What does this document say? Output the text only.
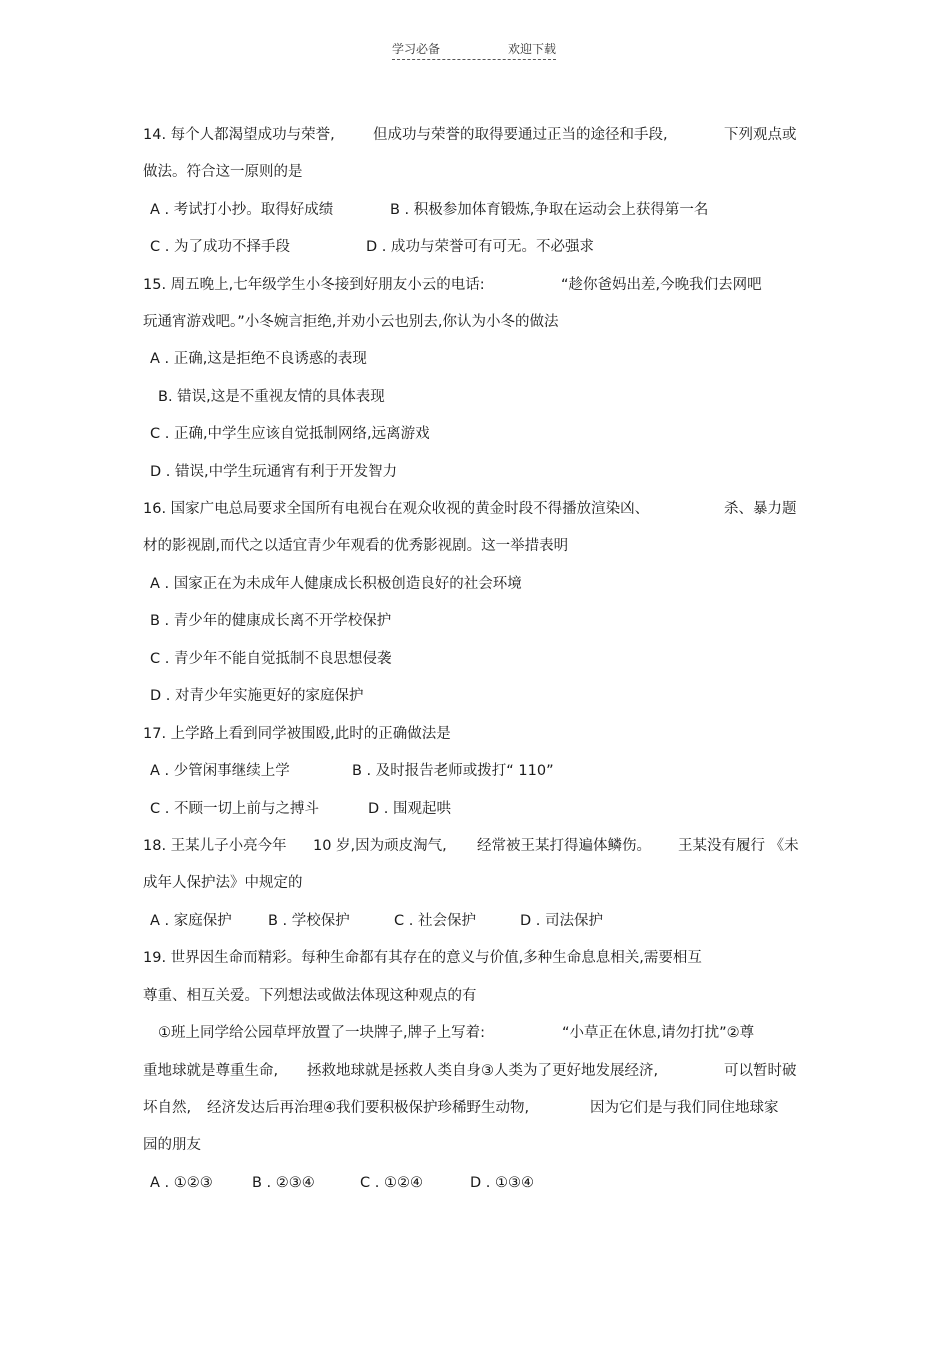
学习必备	欢迎下载
14. 每个人都渴望成功与荣誉,	但成功与荣誉的取得要通过正当的途径和手段,	下列观点或
做法。符合这一原则的是
A . 考试打小抄。取得好成绩	B . 积极参加体育锻炼,争取在运动会上获得第一名
C . 为了成功不择手段	D . 成功与荣誉可有可无。不必强求
15. 周五晚上,七年级学生小冬接到好朋友小云的电话:	“趁你爸妈出差,今晚我们去网吧
玩通宵游戏吧。”小冬婉言拒绝,并劝小云也别去,你认为小冬的做法
A . 正确,这是拒绝不良诱惑的表现
B. 错误,这是不重视友情的具体表现
C . 正确,中学生应该自觉抵制网络,远离游戏
D . 错误,中学生玩通宵有利于开发智力
16. 国家广电总局要求全国所有电视台在观众收视的黄金时段不得播放渲染凶、	杀、暴力题
材的影视剧,而代之以适宜青少年观看的优秀影视剧。这一举措表明
A . 国家正在为未成年人健康成长积极创造良好的社会环境
B . 青少年的健康成长离不开学校保护
C . 青少年不能自觉抵制不良思想侵袭
D . 对青少年实施更好的家庭保护
17. 上学路上看到同学被围殴,此时的正确做法是
A . 少管闲事继续上学	B . 及时报告老师或拨打“ 110”
C . 不顾一切上前与之搏斗	D . 围观起哄
18. 王某儿子小亮今年 10 岁,因为顽皮淘气, 经常被王某打得遍体鳞伤。 王某没有履行 《未
成年人保护法》中规定的
A . 家庭保护	B . 学校保护	C . 社会保护	D . 司法保护
19. 世界因生命而精彩。每种生命都有其存在的意义与价值,多种生命息息相关,需要相互
尊重、相互关爱。下列想法或做法体现这种观点的有
①班上同学给公园草坪放置了一块牌子,牌子上写着:	“小草正在休息,请勿打扰”②尊
重地球就是尊重生命, 拯救地球就是拯救人类自身③人类为了更好地发展经济,	可以暂时破
坏自然, 经济发达后再治理④我们要积极保护珍稀野生动物,	因为它们是与我们同住地球家
园的朋友
A . ①②③	B . ②③④	C . ①②④	D . ①③④
